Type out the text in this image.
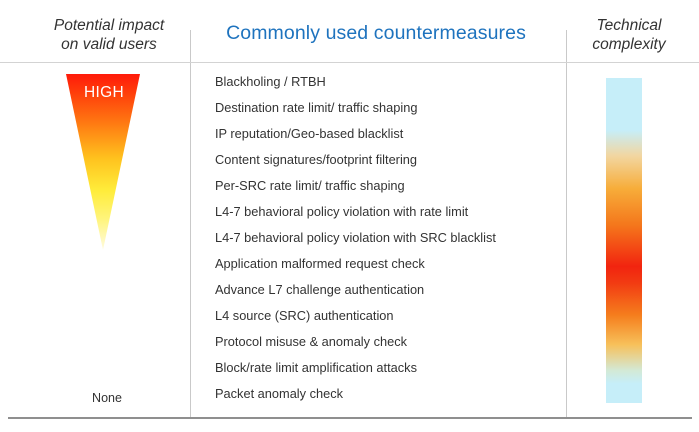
Potential impact
on valid users
Commonly used countermeasures	Technical
complexity
HIGH
None
Blackholing / RTBH
Destination rate limit/ traffic shaping
IP reputation/Geo-based blacklist
Content signatures/footprint filtering
Per-SRC rate limit/ traffic shaping
L4-7 behavioral policy violation with rate limit
L4-7 behavioral policy violation with SRC blacklist
Application malformed request check
Advance L7 challenge authentication
L4 source (SRC) authentication
Protocol misuse & anomaly check
Block/rate limit amplification attacks
Packet anomaly check
